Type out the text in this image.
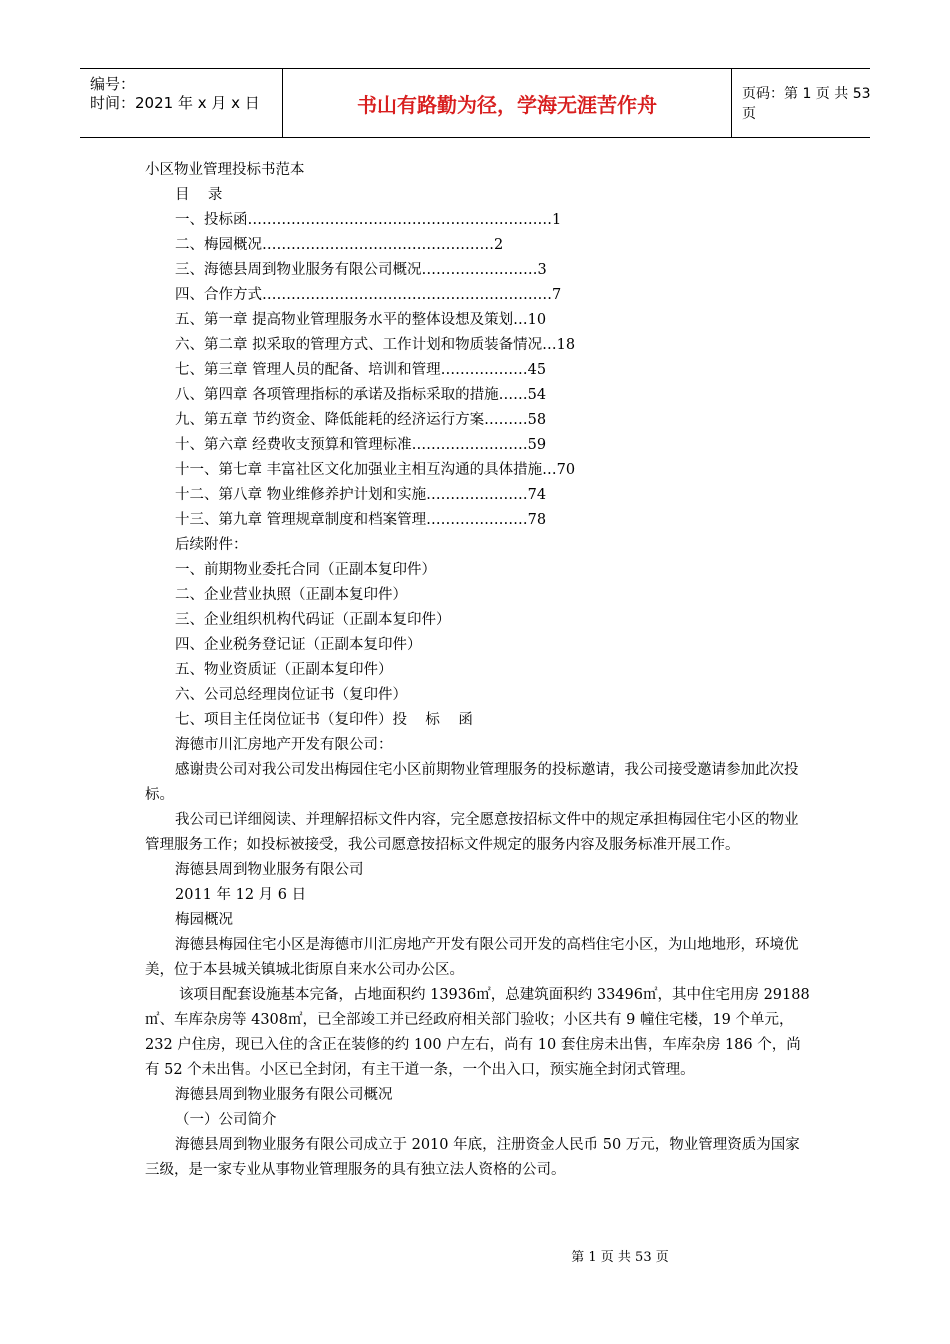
编号：
时间：2021 年 x 月 x 日	书山有路勤为径，学海无涯苦作舟	页码：第 1 页 共 53 页

小区物业管理投标书范本

目    录

一、投标函………………………………………………………1

二、梅园概况…………………………………………2

三、海德县周到物业服务有限公司概况……………………3

四、合作方式……………………………………………………7

五、第一章 提高物业管理服务水平的整体设想及策划…10

六、第二章 拟采取的管理方式、工作计划和物质装备情况…18

七、第三章 管理人员的配备、培训和管理………………45

八、第四章 各项管理指标的承诺及指标采取的措施……54

九、第五章 节约资金、降低能耗的经济运行方案………58

十、第六章 经费收支预算和管理标准……………………59

十一、第七章 丰富社区文化加强业主相互沟通的具体措施…70

十二、第八章 物业维修养护计划和实施…………………74

十三、第九章 管理规章制度和档案管理…………………78

后续附件：

一、前期物业委托合同（正副本复印件）

二、企业营业执照（正副本复印件）

三、企业组织机构代码证（正副本复印件）

四、企业税务登记证（正副本复印件）

五、物业资质证（正副本复印件）

六、公司总经理岗位证书（复印件）

七、项目主任岗位证书（复印件）投    标    函

海德市川汇房地产开发有限公司：

感谢贵公司对我公司发出梅园住宅小区前期物业管理服务的投标邀请，我公司接受邀请参加此次投标。

我公司已详细阅读、并理解招标文件内容，完全愿意按招标文件中的规定承担梅园住宅小区的物业管理服务工作；如投标被接受，我公司愿意按招标文件规定的服务内容及服务标准开展工作。

海德县周到物业服务有限公司

2011 年 12 月 6 日

梅园概况

海德县梅园住宅小区是海德市川汇房地产开发有限公司开发的高档住宅小区，为山地地形，环境优美，位于本县城关镇城北街原自来水公司办公区。

该项目配套设施基本完备，占地面积约 13936㎡，总建筑面积约 33496㎡，其中住宅用房 29188㎡、车库杂房等 4308㎡，已全部竣工并已经政府相关部门验收；小区共有 9 幢住宅楼，19 个单元，232 户住房，现已入住的含正在装修的约 100 户左右，尚有 10 套住房未出售，车库杂房 186 个，尚有 52 个未出售。小区已全封闭，有主干道一条，一个出入口，预实施全封闭式管理。

海德县周到物业服务有限公司概况

（一）公司简介

海德县周到物业服务有限公司成立于 2010 年底，注册资金人民币 50 万元，物业管理资质为国家三级，是一家专业从事物业管理服务的具有独立法人资格的公司。

第 1 页 共 53 页
